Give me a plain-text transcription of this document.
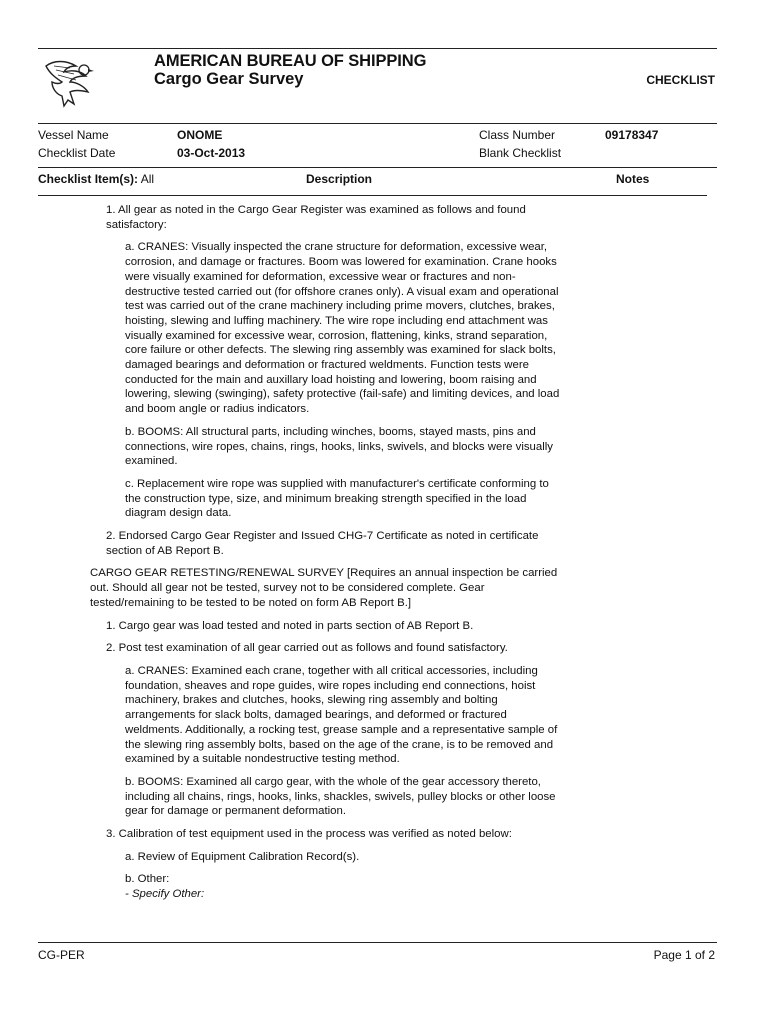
AMERICAN BUREAU OF SHIPPING
Cargo Gear Survey	CHECKLIST
Vessel Name	ONOME	Class Number	09178347
Checklist Date	03-Oct-2013	Blank Checklist
Checklist Item(s): All	Description	Notes

1. All gear as noted in the Cargo Gear Register was examined as follows and found satisfactory:

a. CRANES: Visually inspected the crane structure for deformation, excessive wear, corrosion, and damage or fractures. Boom was lowered for examination. Crane hooks were visually examined for deformation, excessive wear or fractures and non-destructive tested carried out (for offshore cranes only). A visual exam and operational test was carried out of the crane machinery including prime movers, clutches, brakes, hoisting, slewing and luffing machinery. The wire rope including end attachment was visually examined for excessive wear, corrosion, flattening, kinks, strand separation, core failure or other defects. The slewing ring assembly was examined for slack bolts, damaged bearings and deformation or fractured weldments. Function tests were conducted for the main and auxillary load hoisting and lowering, boom raising and lowering, slewing (swinging), safety protective (fail-safe) and limiting devices, and load and boom angle or radius indicators.

b. BOOMS: All structural parts, including winches, booms, stayed masts, pins and connections, wire ropes, chains, rings, hooks, links, swivels, and blocks were visually examined.

c. Replacement wire rope was supplied with manufacturer's certificate conforming to the construction type, size, and minimum breaking strength specified in the load diagram design data.

2. Endorsed Cargo Gear Register and Issued CHG-7 Certificate as noted in certificate section of AB Report B.

CARGO GEAR RETESTING/RENEWAL SURVEY [Requires an annual inspection be carried out. Should all gear not be tested, survey not to be considered complete. Gear tested/remaining to be tested to be noted on form AB Report B.]

1. Cargo gear was load tested and noted in parts section of AB Report B.

2. Post test examination of all gear carried out as follows and found satisfactory.

a. CRANES: Examined each crane, together with all critical accessories, including foundation, sheaves and rope guides, wire ropes including end connections, hoist machinery, brakes and clutches, hooks, slewing ring assembly and bolting arrangements for slack bolts, damaged bearings, and deformed or fractured weldments. Additionally, a rocking test, grease sample and a representative sample of the slewing ring assembly bolts, based on the age of the crane, is to be removed and examined by a suitable nondestructive testing method.

b. BOOMS: Examined all cargo gear, with the whole of the gear accessory thereto, including all chains, rings, hooks, links, shackles, swivels, pulley blocks or other loose gear for damage or permanent deformation.

3. Calibration of test equipment used in the process was verified as noted below:

a. Review of Equipment Calibration Record(s).

b. Other:

- Specify Other:

CG-PER	Page 1 of 2
